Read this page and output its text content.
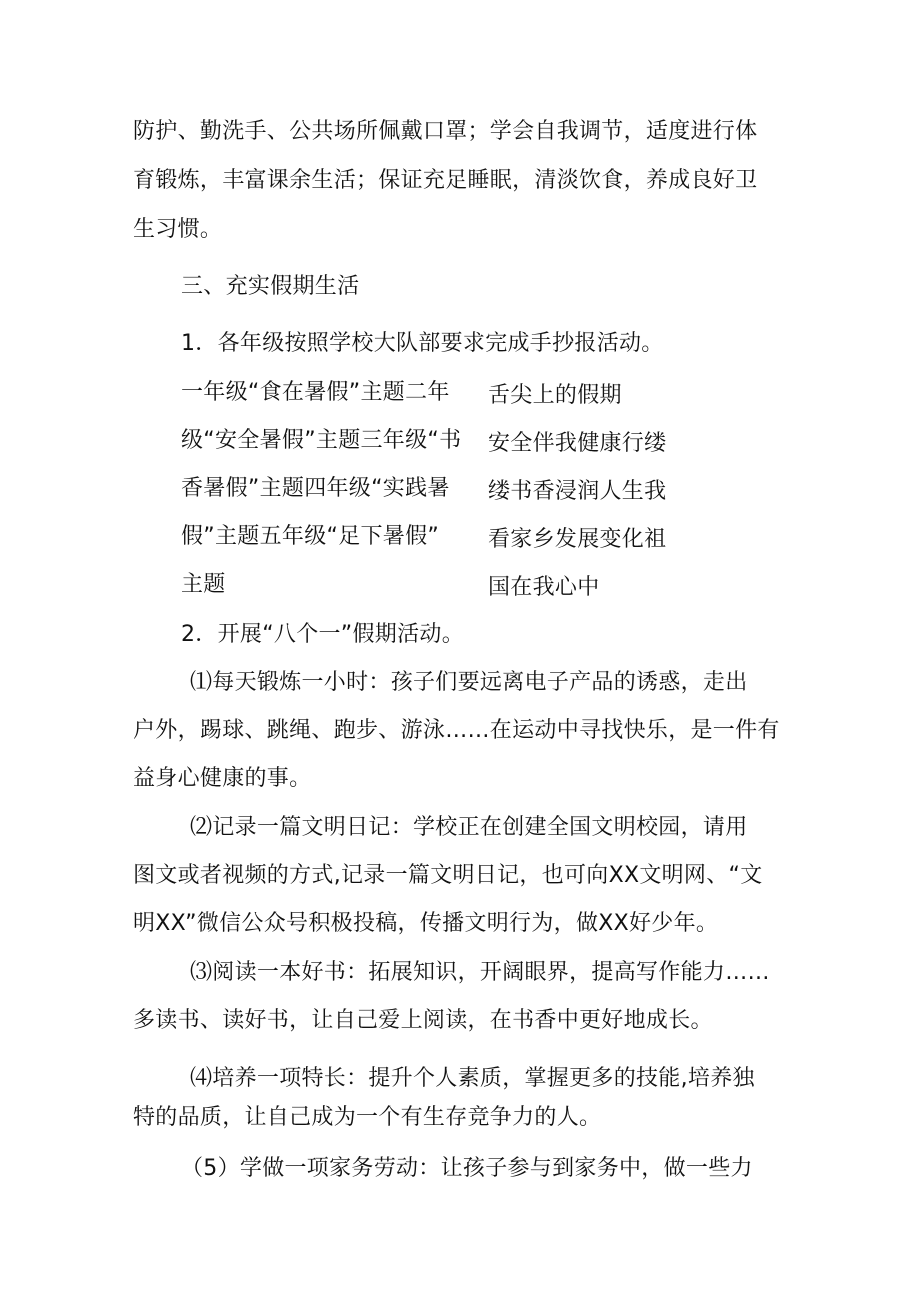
防护、勤洗手、公共场所佩戴口罩；学会自我调节，适度进行体
育锻炼，丰富课余生活；保证充足睡眠，清淡饮食，养成良好卫
生习惯。
三、充实假期生活
1．各年级按照学校大队部要求完成手抄报活动。
一年级“食在暑假”主题二年
级“安全暑假”主题三年级“书
香暑假”主题四年级“实践暑
假”主题五年级“足下暑假”
主题
舌尖上的假期
安全伴我健康行缕
缕书香浸润人生我
看家乡发展变化祖
国在我心中
2．开展“八个一”假期活动。
⑴每天锻炼一小时：孩子们要远离电子产品的诱惑，走出
户外，踢球、跳绳、跑步、游泳……在运动中寻找快乐，是一件有
益身心健康的事。
⑵记录一篇文明日记：学校正在创建全国文明校园，请用
图文或者视频的方式,记录一篇文明日记，也可向XX文明网、“文
明XX”微信公众号积极投稿，传播文明行为，做XX好少年。
⑶阅读一本好书：拓展知识，开阔眼界，提高写作能力……
多读书、读好书，让自己爱上阅读，在书香中更好地成长。
⑷培养一项特长：提升个人素质，掌握更多的技能,培养独
特的品质，让自己成为一个有生存竞争力的人。
（5）学做一项家务劳动：让孩子参与到家务中，做一些力
